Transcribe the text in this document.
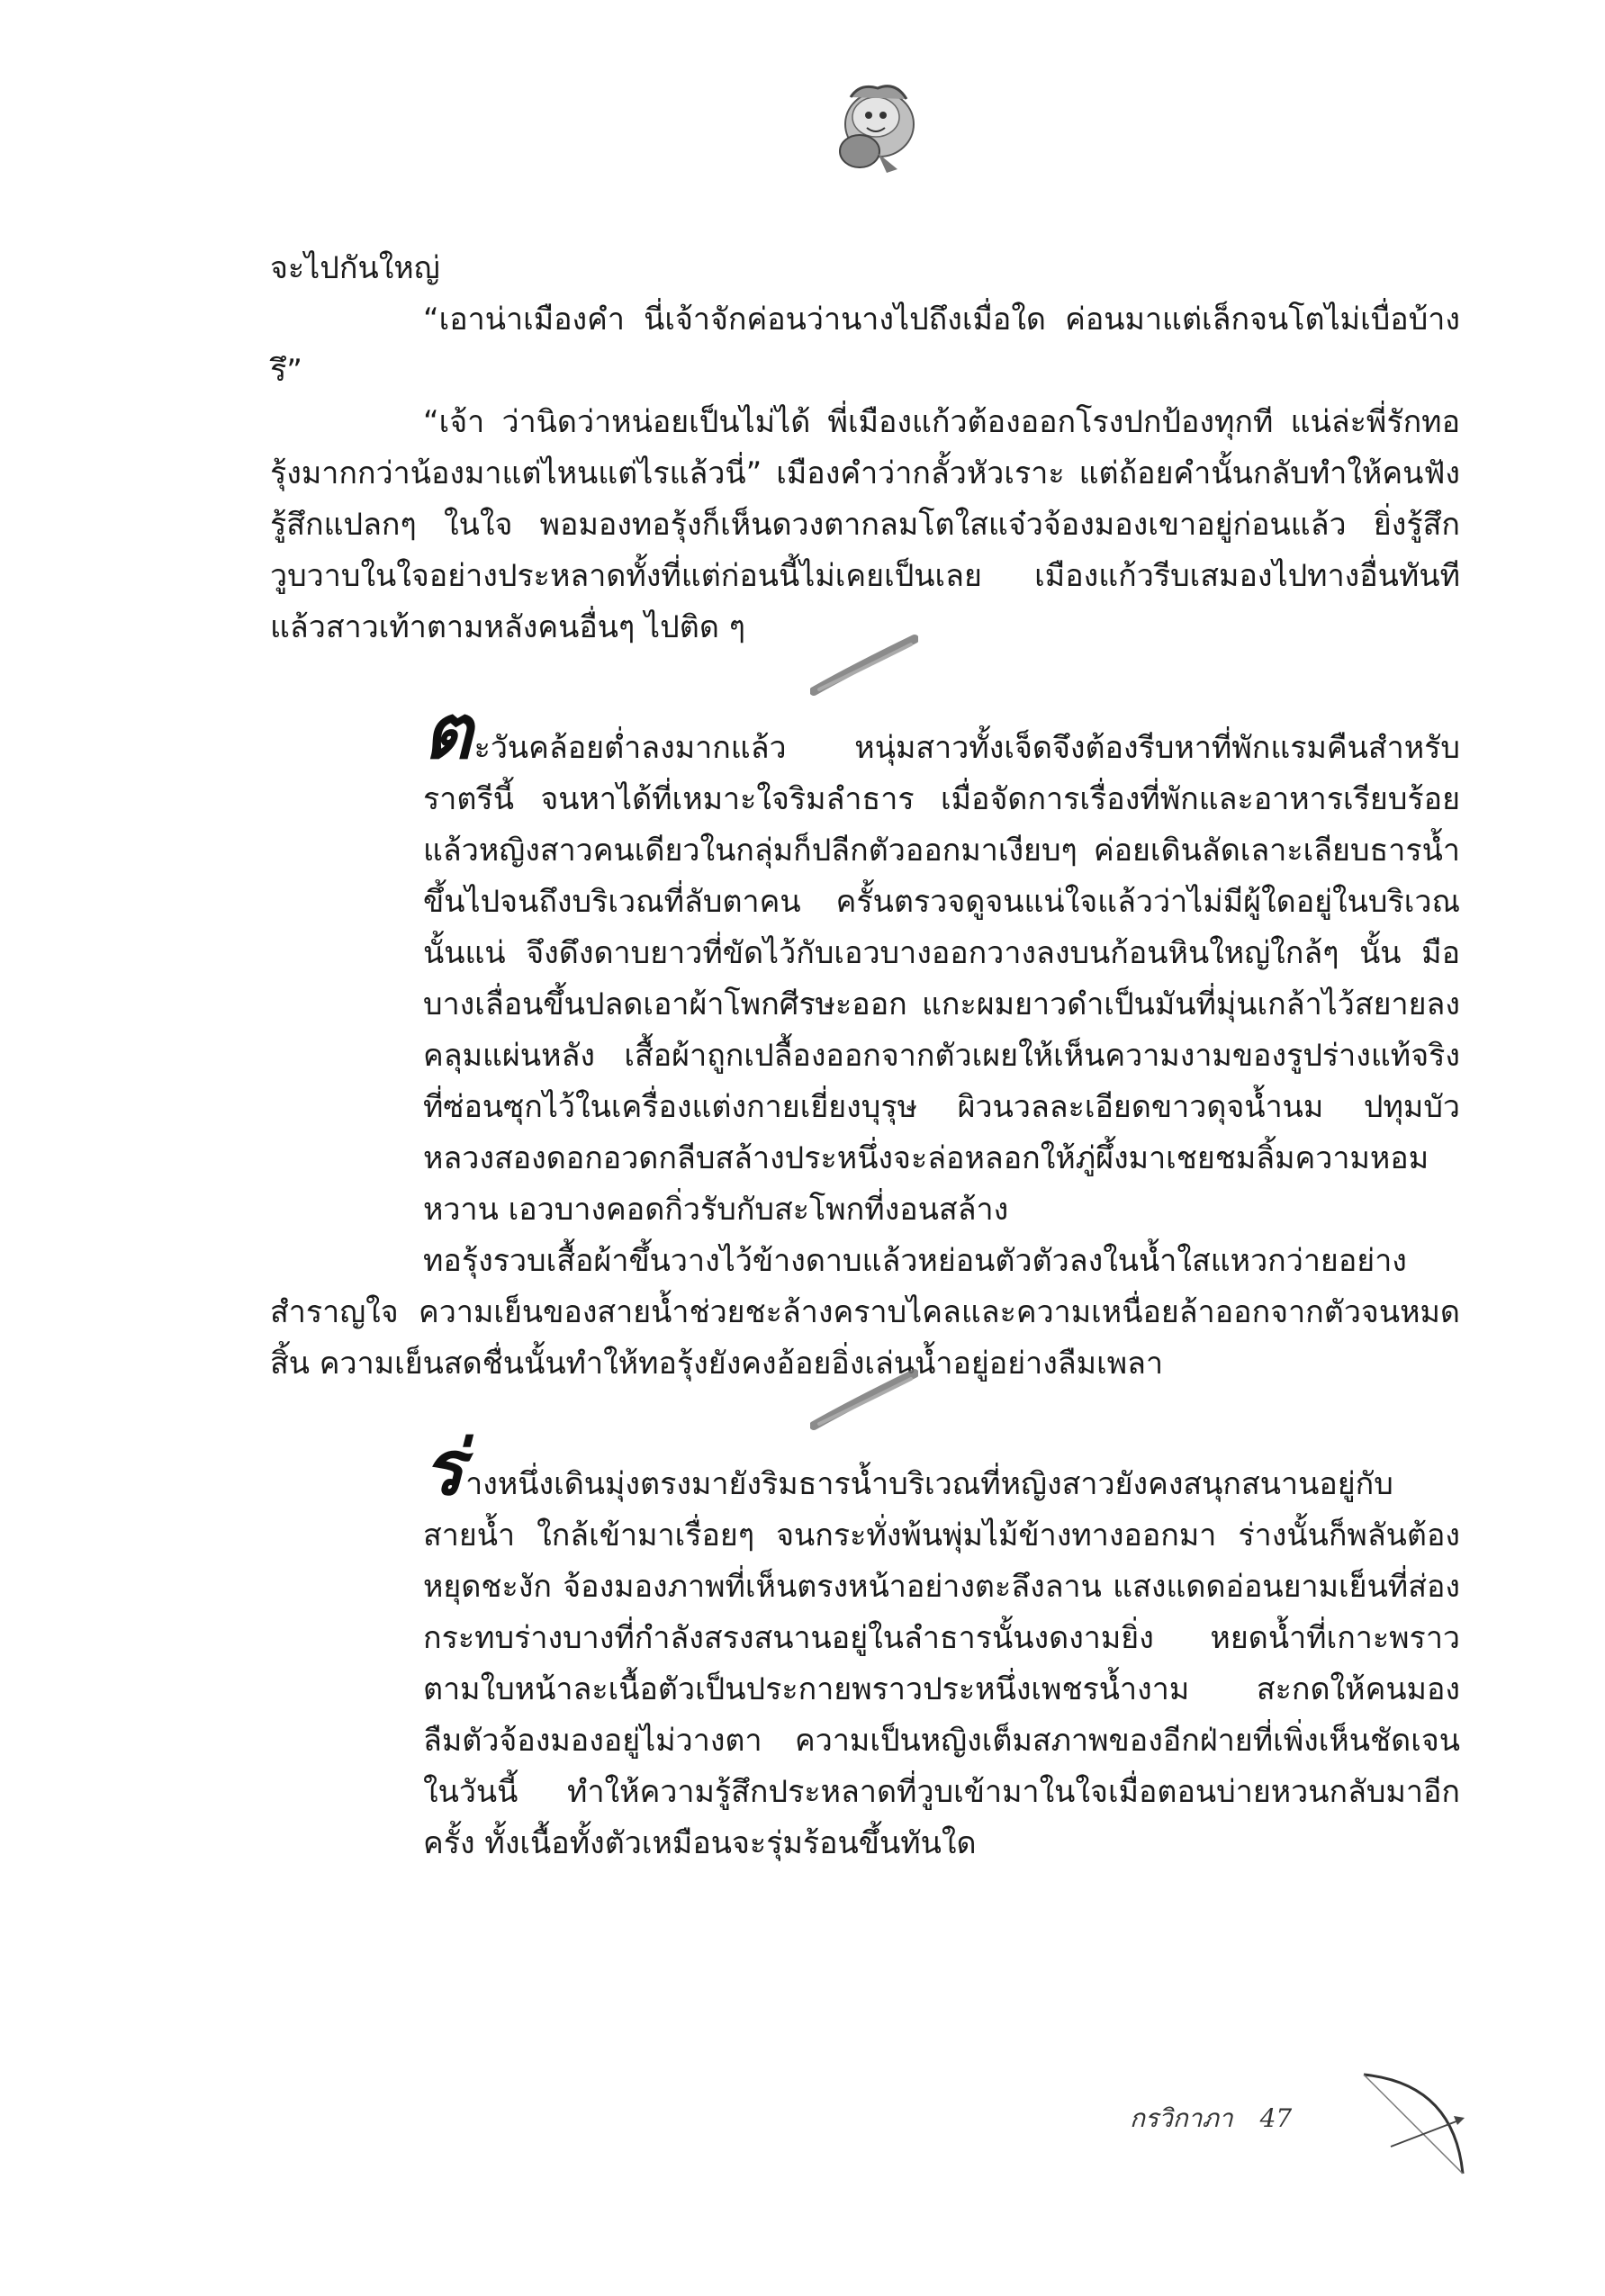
จะไปกันใหญ่

“เอาน่าเมืองคำ นี่เจ้าจักค่อนว่านางไปถึงเมื่อใด ค่อนมาแต่เล็กจนโตไม่เบื่อบ้างรึ”

“เจ้า ว่านิดว่าหน่อยเป็นไม่ได้ พี่เมืองแก้วต้องออกโรงปกป้องทุกที แน่ล่ะพี่รักทอรุ้งมากกว่าน้องมาแต่ไหนแต่ไรแล้วนี่” เมืองคำว่ากลั้วหัวเราะ แต่ถ้อยคำนั้นกลับทำให้คนฟังรู้สึกแปลกๆ ในใจ พอมองทอรุ้งก็เห็นดวงตากลมโตใสแจ๋วจ้องมองเขาอยู่ก่อนแล้ว ยิ่งรู้สึกวูบวาบในใจอย่างประหลาดทั้งที่แต่ก่อนนี้ไม่เคยเป็นเลย เมืองแก้วรีบเสมองไปทางอื่นทันที แล้วสาวเท้าตามหลังคนอื่นๆ ไปติด ๆ

ตะวันคล้อยต่ำลงมากแล้ว หนุ่มสาวทั้งเจ็ดจึงต้องรีบหาที่พักแรมคืนสำหรับราตรีนี้ จนหาได้ที่เหมาะใจริมลำธาร เมื่อจัดการเรื่องที่พักและอาหารเรียบร้อยแล้วหญิงสาวคนเดียวในกลุ่มก็ปลีกตัวออกมาเงียบๆ ค่อยเดินลัดเลาะเลียบธารน้ำขึ้นไปจนถึงบริเวณที่ลับตาคน ครั้นตรวจดูจนแน่ใจแล้วว่าไม่มีผู้ใดอยู่ในบริเวณนั้นแน่ จึงดึงดาบยาวที่ขัดไว้กับเอวบางออกวางลงบนก้อนหินใหญ่ใกล้ๆ นั้น มือบางเลื่อนขึ้นปลดเอาผ้าโพกศีรษะออก แกะผมยาวดำเป็นมันที่มุ่นเกล้าไว้สยายลงคลุมแผ่นหลัง เสื้อผ้าถูกเปลื้องออกจากตัวเผยให้เห็นความงามของรูปร่างแท้จริงที่ซ่อนซุกไว้ในเครื่องแต่งกายเยี่ยงบุรุษ ผิวนวลละเอียดขาวดุจน้ำนม ปทุมบัวหลวงสองดอกอวดกลีบสล้างประหนึ่งจะล่อหลอกให้ภู่ผึ้งมาเชยชมลิ้มความหอมหวาน เอวบางคอดกิ่วรับกับสะโพกที่งอนสล้าง

ทอรุ้งรวบเสื้อผ้าขึ้นวางไว้ข้างดาบแล้วหย่อนตัวตัวลงในน้ำใสแหวกว่ายอย่างสำราญใจ ความเย็นของสายน้ำช่วยชะล้างคราบไคลและความเหนื่อยล้าออกจากตัวจนหมดสิ้น ความเย็นสดชื่นนั้นทำให้ทอรุ้งยังคงอ้อยอิ่งเล่นน้ำอยู่อย่างลืมเพลา

ร่างหนึ่งเดินมุ่งตรงมายังริมธารน้ำบริเวณที่หญิงสาวยังคงสนุกสนานอยู่กับสายน้ำ ใกล้เข้ามาเรื่อยๆ จนกระทั่งพ้นพุ่มไม้ข้างทางออกมา ร่างนั้นก็พลันต้องหยุดชะงัก จ้องมองภาพที่เห็นตรงหน้าอย่างตะลึงลาน แสงแดดอ่อนยามเย็นที่ส่องกระทบร่างบางที่กำลังสรงสนานอยู่ในลำธารนั้นงดงามยิ่ง หยดน้ำที่เกาะพราวตามใบหน้าละเนื้อตัวเป็นประกายพราวประหนึ่งเพชรน้ำงาม สะกดให้คนมองลืมตัวจ้องมองอยู่ไม่วางตา ความเป็นหญิงเต็มสภาพของอีกฝ่ายที่เพิ่งเห็นชัดเจนในวันนี้ ทำให้ความรู้สึกประหลาดที่วูบเข้ามาในใจเมื่อตอนบ่ายหวนกลับมาอีกครั้ง ทั้งเนื้อทั้งตัวเหมือนจะรุ่มร้อนขึ้นทันใด

กรวิกาภา 47
